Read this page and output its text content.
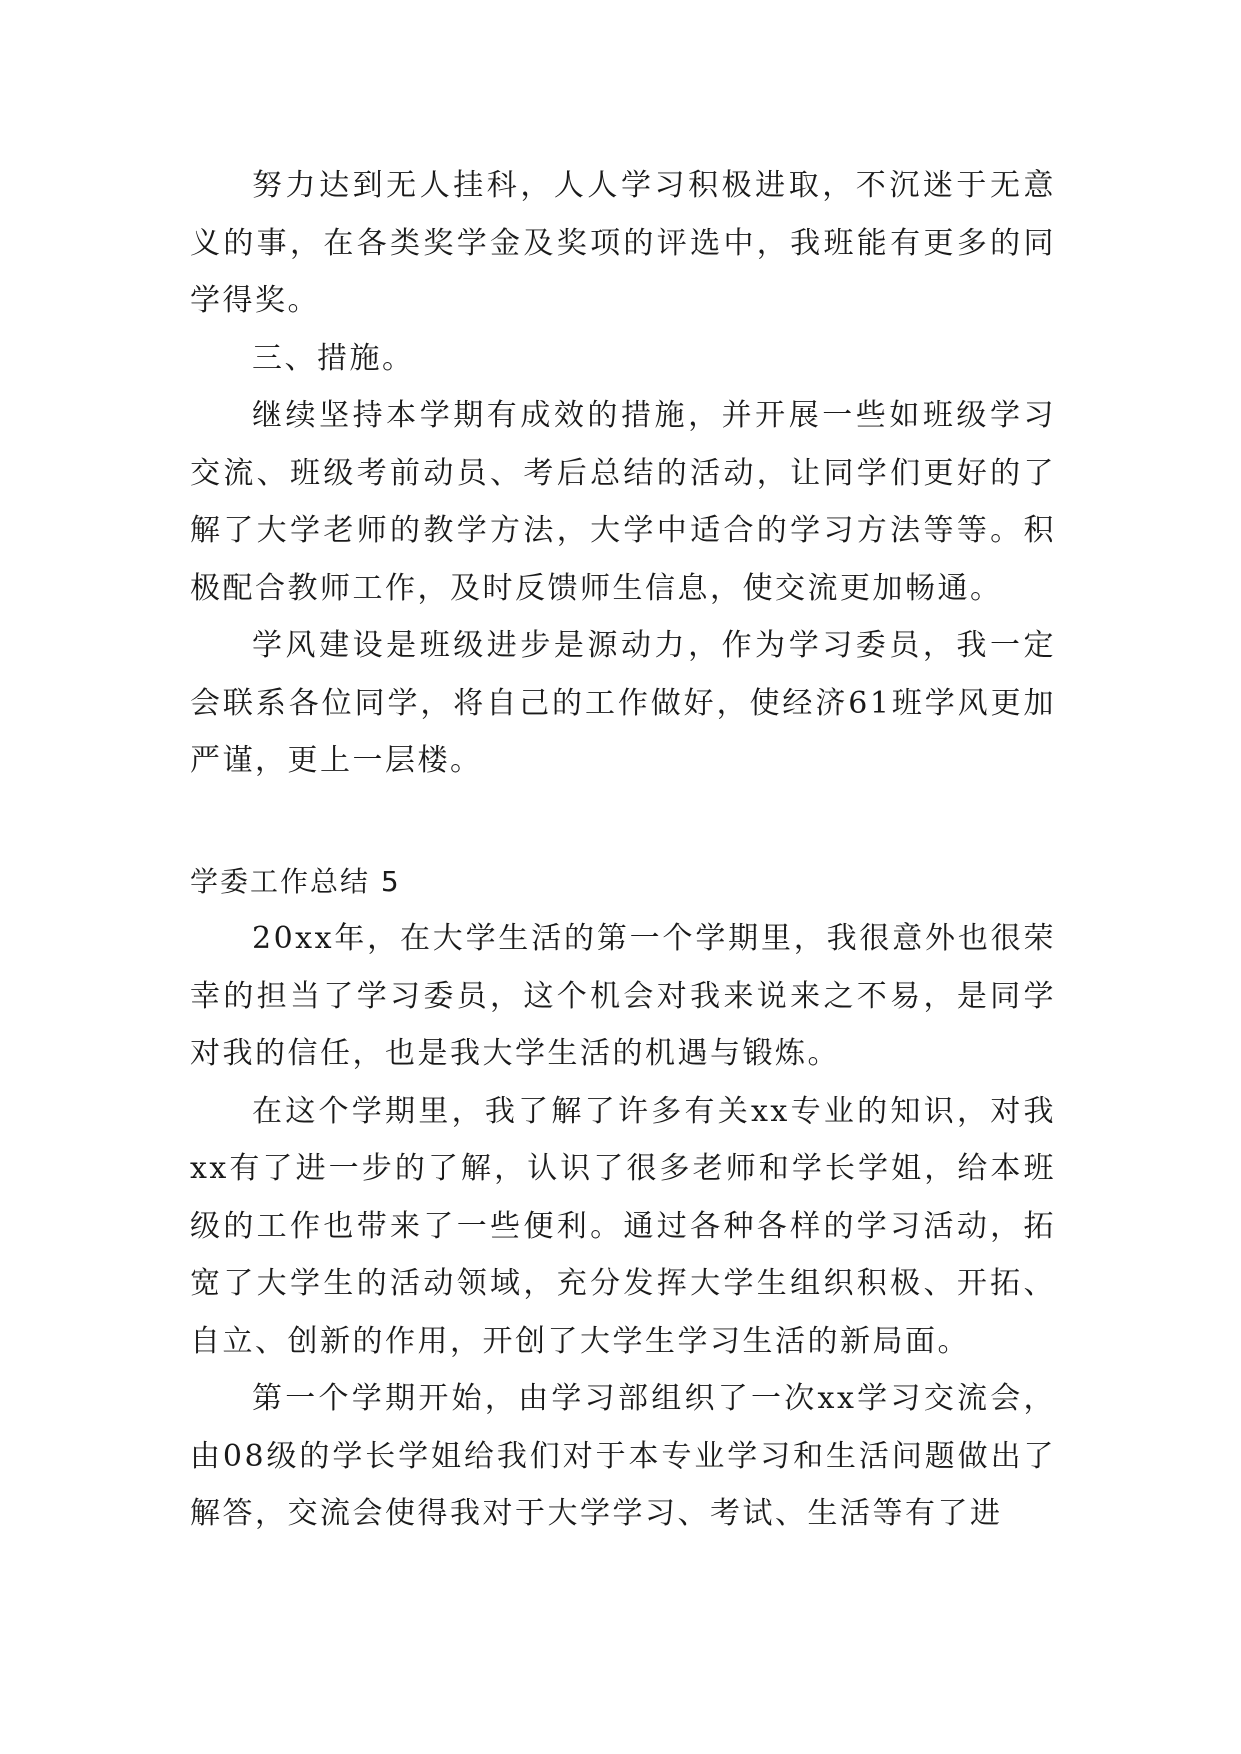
努力达到无人挂科，人人学习积极进取，不沉迷于无意义的事，在各类奖学金及奖项的评选中，我班能有更多的同学得奖。

三、措施。

继续坚持本学期有成效的措施，并开展一些如班级学习交流、班级考前动员、考后总结的活动，让同学们更好的了解了大学老师的教学方法，大学中适合的学习方法等等。积极配合教师工作，及时反馈师生信息，使交流更加畅通。

学风建设是班级进步是源动力，作为学习委员，我一定会联系各位同学，将自己的工作做好，使经济61班学风更加严谨，更上一层楼。

学委工作总结 5

20xx年，在大学生活的第一个学期里，我很意外也很荣幸的担当了学习委员，这个机会对我来说来之不易，是同学对我的信任，也是我大学生活的机遇与锻炼。

在这个学期里，我了解了许多有关xx专业的知识，对我xx有了进一步的了解，认识了很多老师和学长学姐，给本班级的工作也带来了一些便利。通过各种各样的学习活动，拓宽了大学生的活动领域，充分发挥大学生组织积极、开拓、自立、创新的作用，开创了大学生学习生活的新局面。

第一个学期开始，由学习部组织了一次xx学习交流会，由08级的学长学姐给我们对于本专业学习和生活问题做出了解答，交流会使得我对于大学学习、考试、生活等有了进
